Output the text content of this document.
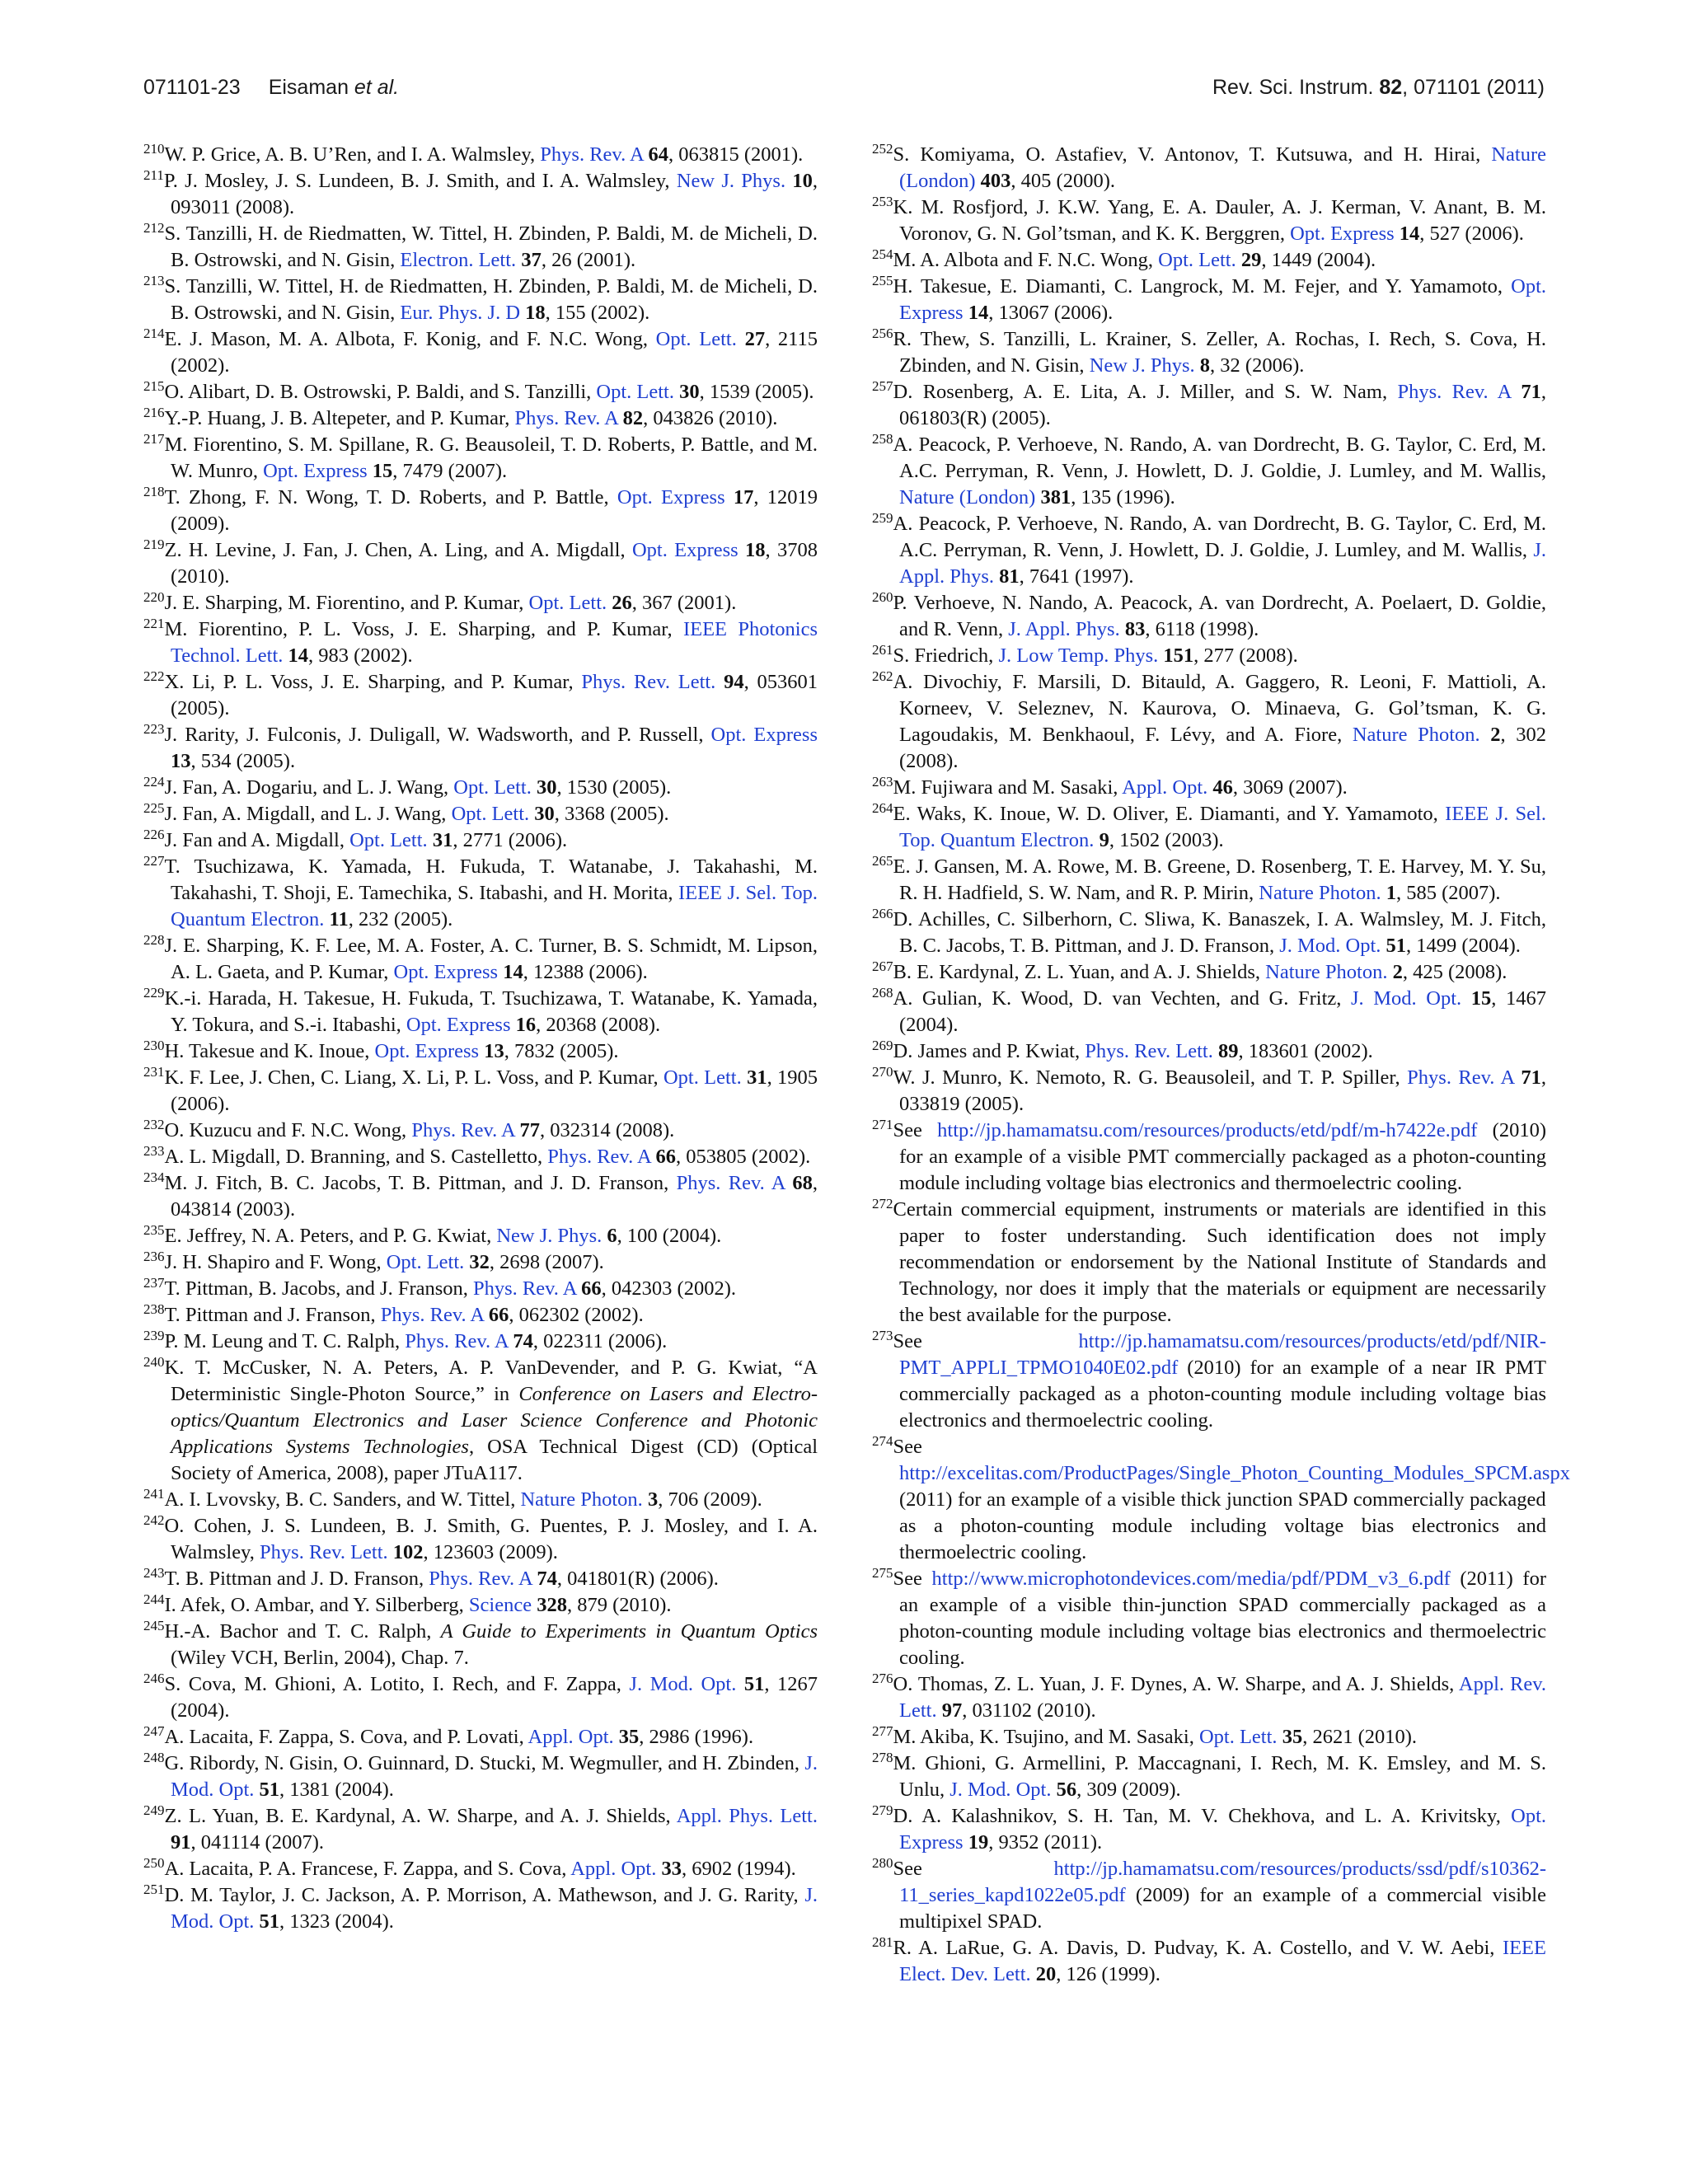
071101-23 Eisaman et al.	Rev. Sci. Instrum. 82, 071101 (2011)
$^{210}$W. P. Grice, A. B. U’Ren, and I. A. Walmsley, Phys. Rev. A 64, 063815 (2001).
$^{211}$P. J. Mosley, J. S. Lundeen, B. J. Smith, and I. A. Walmsley, New J. Phys. 10, 093011 (2008).
$^{212}$S. Tanzilli, H. de Riedmatten, W. Tittel, H. Zbinden, P. Baldi, M. de Micheli, D. B. Ostrowski, and N. Gisin, Electron. Lett. 37, 26 (2001).
$^{213}$S. Tanzilli, W. Tittel, H. de Riedmatten, H. Zbinden, P. Baldi, M. de Micheli, D. B. Ostrowski, and N. Gisin, Eur. Phys. J. D 18, 155 (2002).
$^{214}$E. J. Mason, M. A. Albota, F. Konig, and F. N.C. Wong, Opt. Lett. 27, 2115 (2002).
$^{215}$O. Alibart, D. B. Ostrowski, P. Baldi, and S. Tanzilli, Opt. Lett. 30, 1539 (2005).
$^{216}$Y.-P. Huang, J. B. Altepeter, and P. Kumar, Phys. Rev. A 82, 043826 (2010).
$^{217}$M. Fiorentino, S. M. Spillane, R. G. Beausoleil, T. D. Roberts, P. Battle, and M. W. Munro, Opt. Express 15, 7479 (2007).
$^{218}$T. Zhong, F. N. Wong, T. D. Roberts, and P. Battle, Opt. Express 17, 12019 (2009).
$^{219}$Z. H. Levine, J. Fan, J. Chen, A. Ling, and A. Migdall, Opt. Express 18, 3708 (2010).
$^{220}$J. E. Sharping, M. Fiorentino, and P. Kumar, Opt. Lett. 26, 367 (2001).
$^{221}$M. Fiorentino, P. L. Voss, J. E. Sharping, and P. Kumar, IEEE Photonics Technol. Lett. 14, 983 (2002).
$^{222}$X. Li, P. L. Voss, J. E. Sharping, and P. Kumar, Phys. Rev. Lett. 94, 053601 (2005).
$^{223}$J. Rarity, J. Fulconis, J. Duligall, W. Wadsworth, and P. Russell, Opt. Express 13, 534 (2005).
$^{224}$J. Fan, A. Dogariu, and L. J. Wang, Opt. Lett. 30, 1530 (2005).
$^{225}$J. Fan, A. Migdall, and L. J. Wang, Opt. Lett. 30, 3368 (2005).
$^{226}$J. Fan and A. Migdall, Opt. Lett. 31, 2771 (2006).
$^{227}$T. Tsuchizawa, K. Yamada, H. Fukuda, T. Watanabe, J. Takahashi, M. Takahashi, T. Shoji, E. Tamechika, S. Itabashi, and H. Morita, IEEE J. Sel. Top. Quantum Electron. 11, 232 (2005).
$^{228}$J. E. Sharping, K. F. Lee, M. A. Foster, A. C. Turner, B. S. Schmidt, M. Lipson, A. L. Gaeta, and P. Kumar, Opt. Express 14, 12388 (2006).
$^{229}$K.-i. Harada, H. Takesue, H. Fukuda, T. Tsuchizawa, T. Watanabe, K. Yamada, Y. Tokura, and S.-i. Itabashi, Opt. Express 16, 20368 (2008).
$^{230}$H. Takesue and K. Inoue, Opt. Express 13, 7832 (2005).
$^{231}$K. F. Lee, J. Chen, C. Liang, X. Li, P. L. Voss, and P. Kumar, Opt. Lett. 31, 1905 (2006).
$^{232}$O. Kuzucu and F. N.C. Wong, Phys. Rev. A 77, 032314 (2008).
$^{233}$A. L. Migdall, D. Branning, and S. Castelletto, Phys. Rev. A 66, 053805 (2002).
$^{234}$M. J. Fitch, B. C. Jacobs, T. B. Pittman, and J. D. Franson, Phys. Rev. A 68, 043814 (2003).
$^{235}$E. Jeffrey, N. A. Peters, and P. G. Kwiat, New J. Phys. 6, 100 (2004).
$^{236}$J. H. Shapiro and F. Wong, Opt. Lett. 32, 2698 (2007).
$^{237}$T. Pittman, B. Jacobs, and J. Franson, Phys. Rev. A 66, 042303 (2002).
$^{238}$T. Pittman and J. Franson, Phys. Rev. A 66, 062302 (2002).
$^{239}$P. M. Leung and T. C. Ralph, Phys. Rev. A 74, 022311 (2006).
$^{240}$K. T. McCusker, N. A. Peters, A. P. VanDevender, and P. G. Kwiat, “A Deterministic Single-Photon Source,” in Conference on Lasers and Electro-optics/Quantum Electronics and Laser Science Conference and Photonic Applications Systems Technologies, OSA Technical Digest (CD) (Optical Society of America, 2008), paper JTuA117.
$^{241}$A. I. Lvovsky, B. C. Sanders, and W. Tittel, Nature Photon. 3, 706 (2009).
$^{242}$O. Cohen, J. S. Lundeen, B. J. Smith, G. Puentes, P. J. Mosley, and I. A. Walmsley, Phys. Rev. Lett. 102, 123603 (2009).
$^{243}$T. B. Pittman and J. D. Franson, Phys. Rev. A 74, 041801(R) (2006).
$^{244}$I. Afek, O. Ambar, and Y. Silberberg, Science 328, 879 (2010).
$^{245}$H.-A. Bachor and T. C. Ralph, A Guide to Experiments in Quantum Optics (Wiley VCH, Berlin, 2004), Chap. 7.
$^{246}$S. Cova, M. Ghioni, A. Lotito, I. Rech, and F. Zappa, J. Mod. Opt. 51, 1267 (2004).
$^{247}$A. Lacaita, F. Zappa, S. Cova, and P. Lovati, Appl. Opt. 35, 2986 (1996).
$^{248}$G. Ribordy, N. Gisin, O. Guinnard, D. Stucki, M. Wegmuller, and H. Zbinden, J. Mod. Opt. 51, 1381 (2004).
$^{249}$Z. L. Yuan, B. E. Kardynal, A. W. Sharpe, and A. J. Shields, Appl. Phys. Lett. 91, 041114 (2007).
$^{250}$A. Lacaita, P. A. Francese, F. Zappa, and S. Cova, Appl. Opt. 33, 6902 (1994).
$^{251}$D. M. Taylor, J. C. Jackson, A. P. Morrison, A. Mathewson, and J. G. Rarity, J. Mod. Opt. 51, 1323 (2004).
$^{252}$S. Komiyama, O. Astafiev, V. Antonov, T. Kutsuwa, and H. Hirai, Nature (London) 403, 405 (2000).
$^{253}$K. M. Rosfjord, J. K.W. Yang, E. A. Dauler, A. J. Kerman, V. Anant, B. M. Voronov, G. N. Gol’tsman, and K. K. Berggren, Opt. Express 14, 527 (2006).
$^{254}$M. A. Albota and F. N.C. Wong, Opt. Lett. 29, 1449 (2004).
$^{255}$H. Takesue, E. Diamanti, C. Langrock, M. M. Fejer, and Y. Yamamoto, Opt. Express 14, 13067 (2006).
$^{256}$R. Thew, S. Tanzilli, L. Krainer, S. Zeller, A. Rochas, I. Rech, S. Cova, H. Zbinden, and N. Gisin, New J. Phys. 8, 32 (2006).
$^{257}$D. Rosenberg, A. E. Lita, A. J. Miller, and S. W. Nam, Phys. Rev. A 71, 061803(R) (2005).
$^{258}$A. Peacock, P. Verhoeve, N. Rando, A. van Dordrecht, B. G. Taylor, C. Erd, M. A.C. Perryman, R. Venn, J. Howlett, D. J. Goldie, J. Lumley, and M. Wallis, Nature (London) 381, 135 (1996).
$^{259}$A. Peacock, P. Verhoeve, N. Rando, A. van Dordrecht, B. G. Taylor, C. Erd, M. A.C. Perryman, R. Venn, J. Howlett, D. J. Goldie, J. Lumley, and M. Wallis, J. Appl. Phys. 81, 7641 (1997).
$^{260}$P. Verhoeve, N. Nando, A. Peacock, A. van Dordrecht, A. Poelaert, D. Goldie, and R. Venn, J. Appl. Phys. 83, 6118 (1998).
$^{261}$S. Friedrich, J. Low Temp. Phys. 151, 277 (2008).
$^{262}$A. Divochiy, F. Marsili, D. Bitauld, A. Gaggero, R. Leoni, F. Mattioli, A. Korneev, V. Seleznev, N. Kaurova, O. Minaeva, G. Gol’tsman, K. G. Lagoudakis, M. Benkhaoul, F. Lévy, and A. Fiore, Nature Photon. 2, 302 (2008).
$^{263}$M. Fujiwara and M. Sasaki, Appl. Opt. 46, 3069 (2007).
$^{264}$E. Waks, K. Inoue, W. D. Oliver, E. Diamanti, and Y. Yamamoto, IEEE J. Sel. Top. Quantum Electron. 9, 1502 (2003).
$^{265}$E. J. Gansen, M. A. Rowe, M. B. Greene, D. Rosenberg, T. E. Harvey, M. Y. Su, R. H. Hadfield, S. W. Nam, and R. P. Mirin, Nature Photon. 1, 585 (2007).
$^{266}$D. Achilles, C. Silberhorn, C. Sliwa, K. Banaszek, I. A. Walmsley, M. J. Fitch, B. C. Jacobs, T. B. Pittman, and J. D. Franson, J. Mod. Opt. 51, 1499 (2004).
$^{267}$B. E. Kardynal, Z. L. Yuan, and A. J. Shields, Nature Photon. 2, 425 (2008).
$^{268}$A. Gulian, K. Wood, D. van Vechten, and G. Fritz, J. Mod. Opt. 15, 1467 (2004).
$^{269}$D. James and P. Kwiat, Phys. Rev. Lett. 89, 183601 (2002).
$^{270}$W. J. Munro, K. Nemoto, R. G. Beausoleil, and T. P. Spiller, Phys. Rev. A 71, 033819 (2005).
$^{271}$See http://jp.hamamatsu.com/resources/products/etd/pdf/m-h7422e.pdf (2010) for an example of a visible PMT commercially packaged as a photon-counting module including voltage bias electronics and thermoelectric cooling.
$^{272}$Certain commercial equipment, instruments or materials are identified in this paper to foster understanding. Such identification does not imply recommendation or endorsement by the National Institute of Standards and Technology, nor does it imply that the materials or equipment are necessarily the best available for the purpose.
$^{273}$See http://jp.hamamatsu.com/resources/products/etd/pdf/NIR-PMT_APPLI_TPMO1040E02.pdf (2010) for an example of a near IR PMT commercially packaged as a photon-counting module including voltage bias electronics and thermoelectric cooling.
$^{274}$See http://excelitas.com/ProductPages/Single_Photon_Counting_Modules_SPCM.aspx (2011) for an example of a visible thick junction SPAD commercially packaged as a photon-counting module including voltage bias electronics and thermoelectric cooling.
$^{275}$See http://www.microphotondevices.com/media/pdf/PDM_v3_6.pdf (2011) for an example of a visible thin-junction SPAD commercially packaged as a photon-counting module including voltage bias electronics and thermoelectric cooling.
$^{276}$O. Thomas, Z. L. Yuan, J. F. Dynes, A. W. Sharpe, and A. J. Shields, Appl. Rev. Lett. 97, 031102 (2010).
$^{277}$M. Akiba, K. Tsujino, and M. Sasaki, Opt. Lett. 35, 2621 (2010).
$^{278}$M. Ghioni, G. Armellini, P. Maccagnani, I. Rech, M. K. Emsley, and M. S. Unlu, J. Mod. Opt. 56, 309 (2009).
$^{279}$D. A. Kalashnikov, S. H. Tan, M. V. Chekhova, and L. A. Krivitsky, Opt. Express 19, 9352 (2011).
$^{280}$See http://jp.hamamatsu.com/resources/products/ssd/pdf/s10362-11_series_kapd1022e05.pdf (2009) for an example of a commercial visible multipixel SPAD.
$^{281}$R. A. LaRue, G. A. Davis, D. Pudvay, K. A. Costello, and V. W. Aebi, IEEE Elect. Dev. Lett. 20, 126 (1999).
